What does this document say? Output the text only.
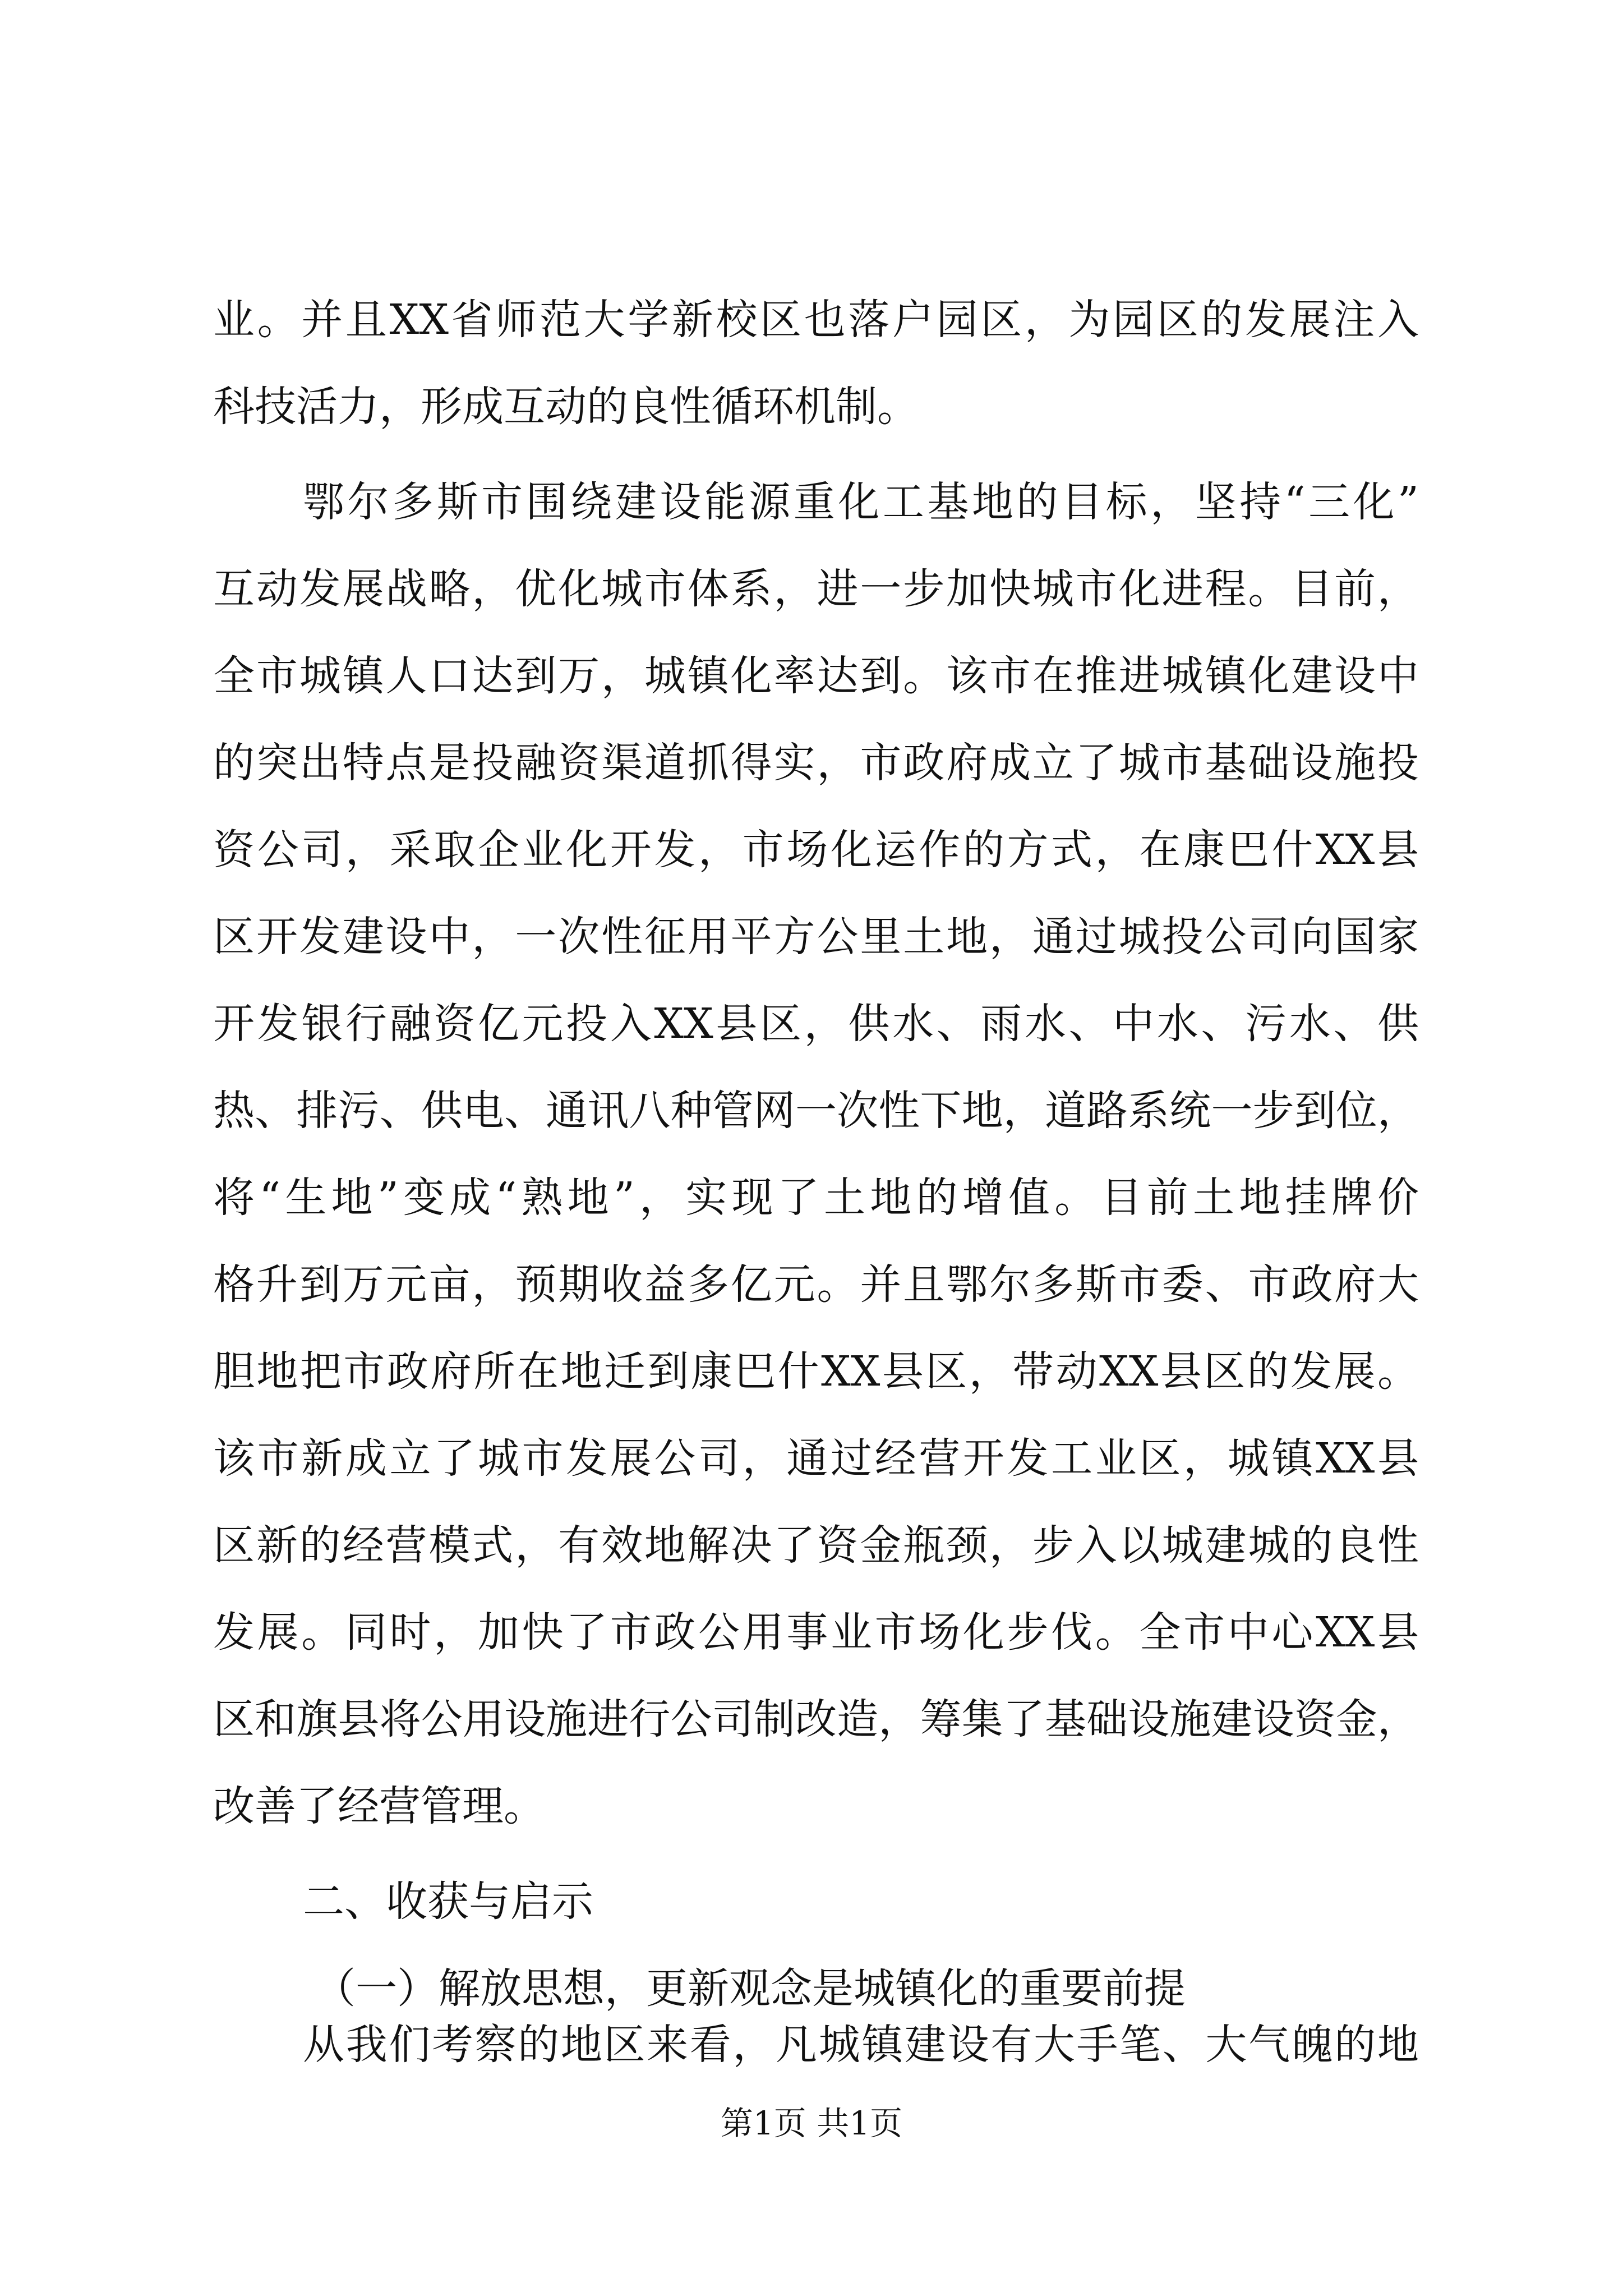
业。并且XX省师范大学新校区也落户园区，为园区的发展注入
科技活力，形成互动的良性循环机制。
鄂尔多斯市围绕建设能源重化工基地的目标，坚持“三化”
互动发展战略，优化城市体系，进一步加快城市化进程。目前，
全市城镇人口达到万，城镇化率达到。该市在推进城镇化建设中
的突出特点是投融资渠道抓得实，市政府成立了城市基础设施投
资公司，采取企业化开发，市场化运作的方式，在康巴什XX县
区开发建设中，一次性征用平方公里土地，通过城投公司向国家
开发银行融资亿元投入XX县区，供水、雨水、中水、污水、供
热、排污、供电、通讯八种管网一次性下地，道路系统一步到位，
将“生地”变成“熟地”，实现了土地的增值。目前土地挂牌价
格升到万元亩，预期收益多亿元。并且鄂尔多斯市委、市政府大
胆地把市政府所在地迁到康巴什XX县区，带动XX县区的发展。
该市新成立了城市发展公司，通过经营开发工业区，城镇XX县
区新的经营模式，有效地解决了资金瓶颈，步入以城建城的良性
发展。同时，加快了市政公用事业市场化步伐。全市中心XX县
区和旗县将公用设施进行公司制改造，筹集了基础设施建设资金，
改善了经营管理。
二、收获与启示
（一）解放思想，更新观念是城镇化的重要前提
从我们考察的地区来看，凡城镇建设有大手笔、大气魄的地
第1页 共1页
